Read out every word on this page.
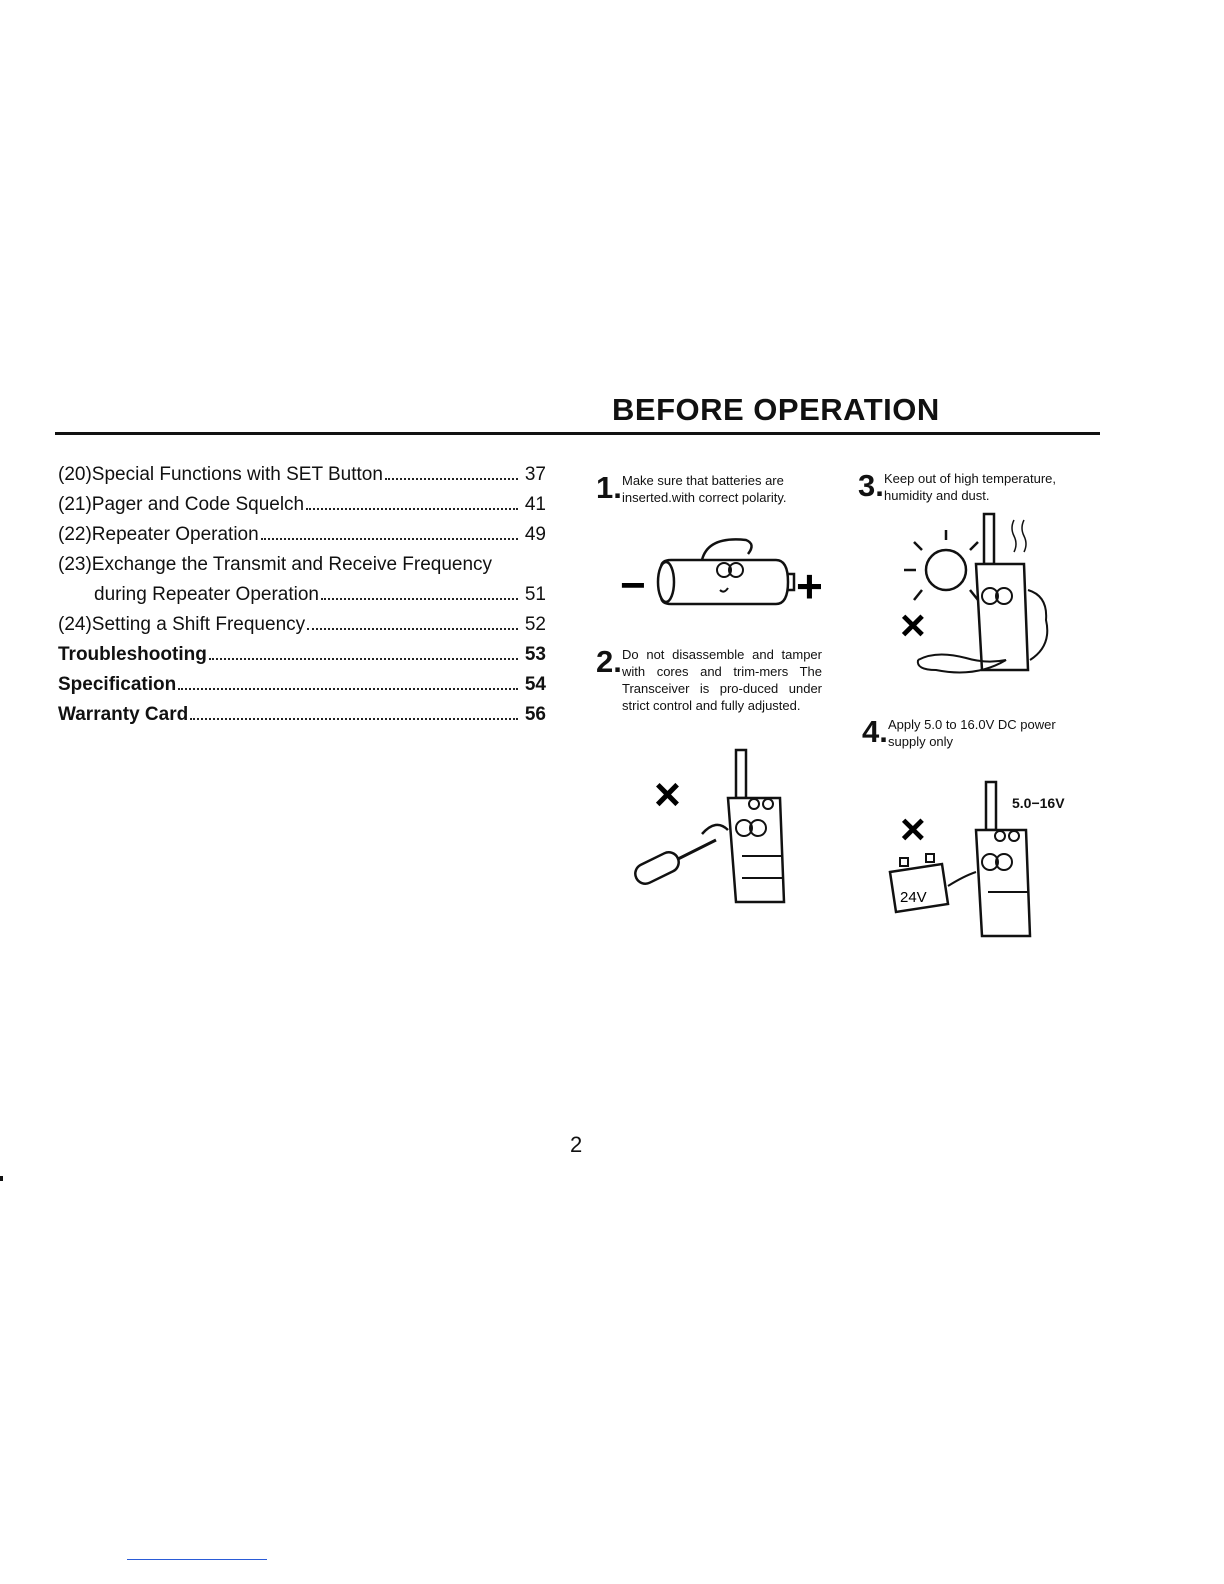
BEFORE OPERATION
(20)Special Functions with SET Button	37
(21)Pager and Code Squelch	41
(22)Repeater Operation	49
(23)Exchange the Transmit and Receive Frequency
during Repeater Operation	51
(24)Setting a Shift Frequency	52
Troubleshooting	53
Specification	54
Warranty Card	56
1. Make sure that batteries are inserted.with correct polarity.
2. Do not disassemble and tamper with cores and trim-mers The Transceiver is pro-duced under strict control and fully adjusted.
3. Keep out of high temperature, humidity and dust.
4. Apply 5.0 to 16.0V DC power supply only
−	+
×
×
×
24V
5.0−16V
2
